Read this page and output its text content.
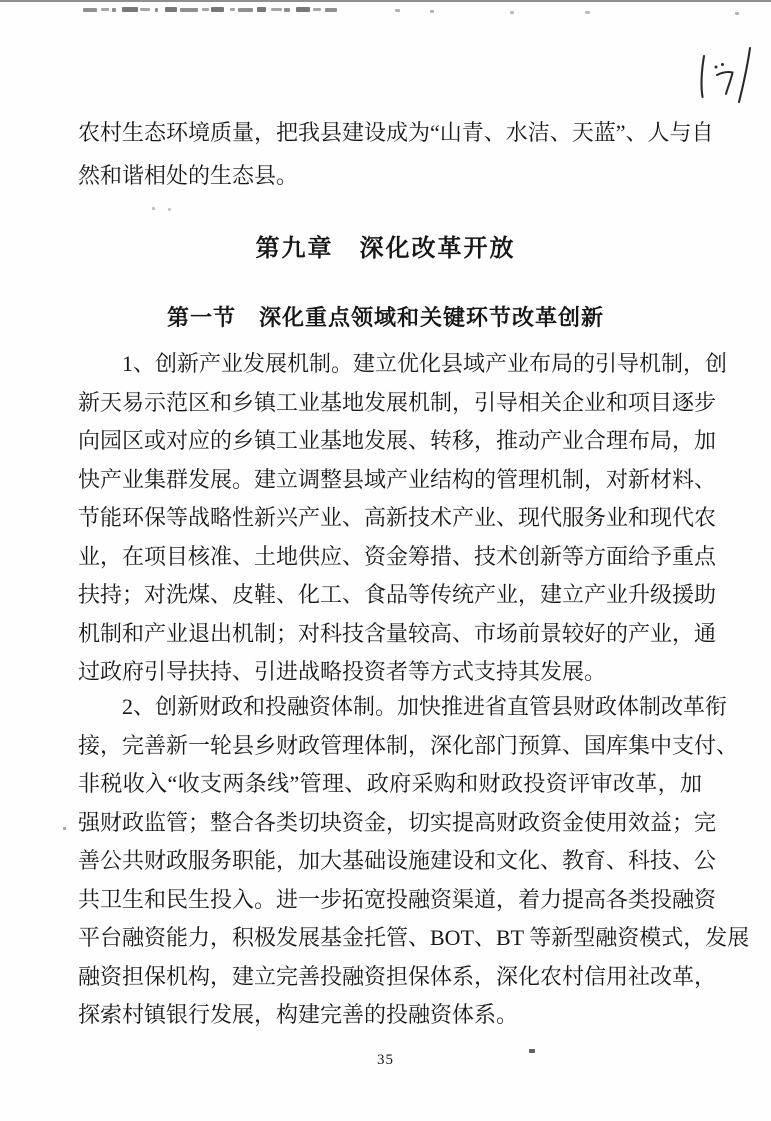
农村生态环境质量，把我县建设成为“山青、水洁、天蓝”、人与自
然和谐相处的生态县。
第九章　深化改革开放
第一节　深化重点领域和关键环节改革创新
1、创新产业发展机制。建立优化县域产业布局的引导机制，创
新天易示范区和乡镇工业基地发展机制，引导相关企业和项目逐步
向园区或对应的乡镇工业基地发展、转移，推动产业合理布局，加
快产业集群发展。建立调整县域产业结构的管理机制，对新材料、
节能环保等战略性新兴产业、高新技术产业、现代服务业和现代农
业，在项目核准、土地供应、资金筹措、技术创新等方面给予重点
扶持；对洗煤、皮鞋、化工、食品等传统产业，建立产业升级援助
机制和产业退出机制；对科技含量较高、市场前景较好的产业，通
过政府引导扶持、引进战略投资者等方式支持其发展。
2、创新财政和投融资体制。加快推进省直管县财政体制改革衔
接，完善新一轮县乡财政管理体制，深化部门预算、国库集中支付、
非税收入“收支两条线”管理、政府采购和财政投资评审改革，加
强财政监管；整合各类切块资金，切实提高财政资金使用效益；完
善公共财政服务职能，加大基础设施建设和文化、教育、科技、公
共卫生和民生投入。进一步拓宽投融资渠道，着力提高各类投融资
平台融资能力，积极发展基金托管、BOT、BT 等新型融资模式，发展
融资担保机构，建立完善投融资担保体系，深化农村信用社改革，
探索村镇银行发展，构建完善的投融资体系。
35
